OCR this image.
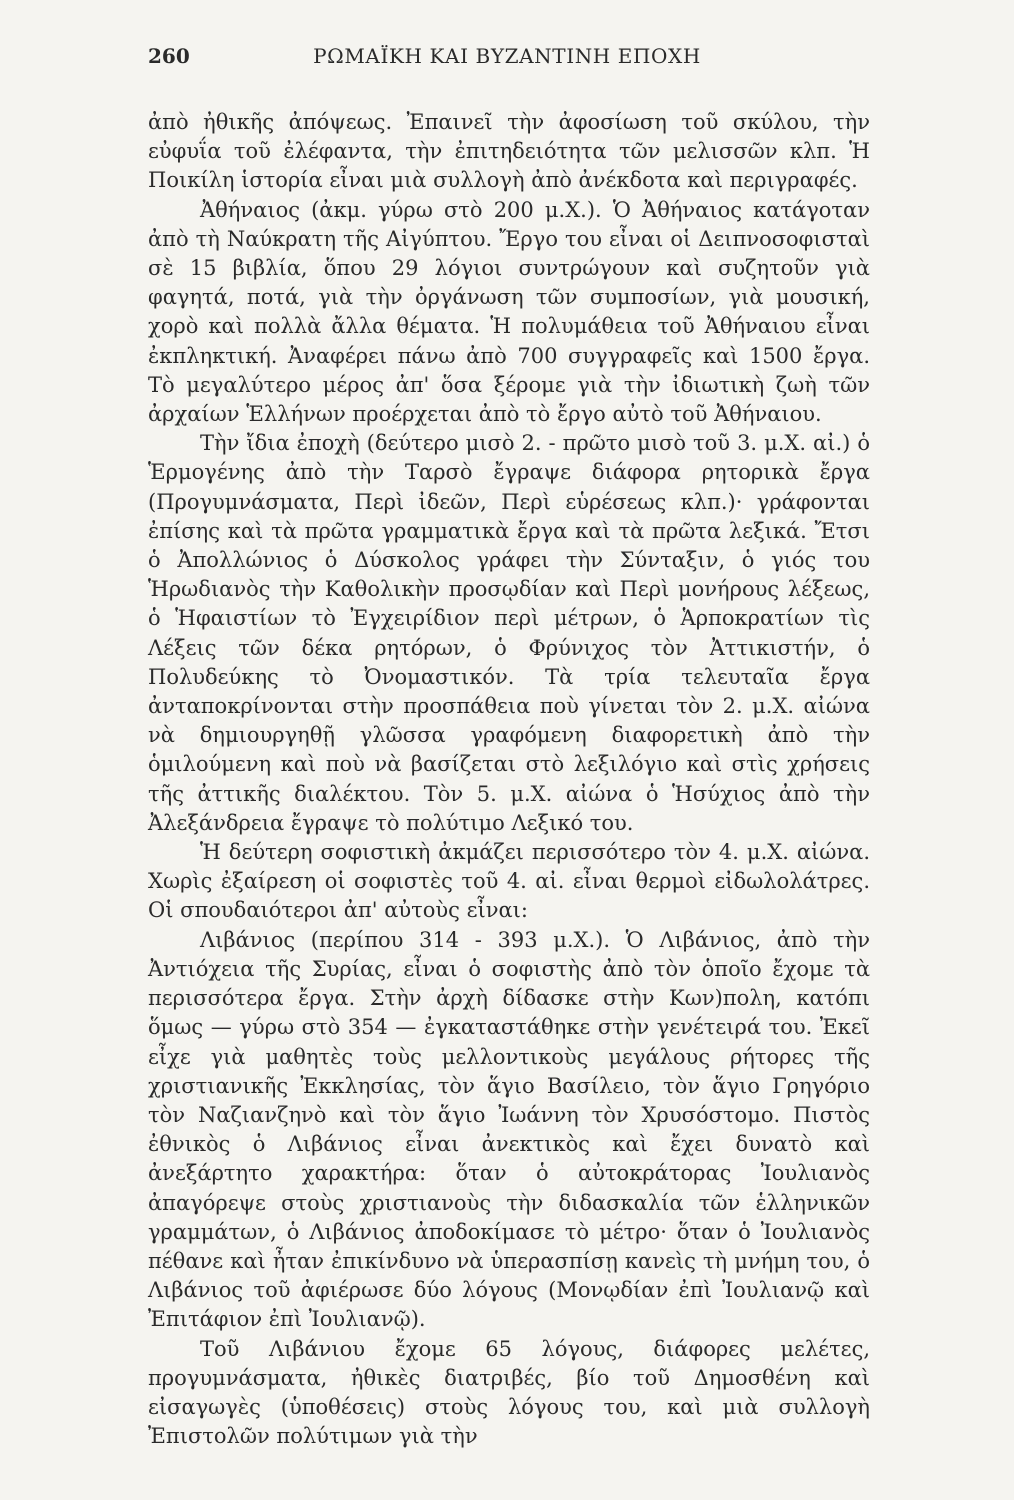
260	ΡΩΜΑΪΚΗ ΚΑΙ ΒΥΖΑΝΤΙΝΗ ΕΠΟΧΗ

ἀπὸ ἠθικῆς ἀπόψεως. Ἐπαινεῖ τὴν ἀφοσίωση τοῦ σκύλου, τὴν εὐφυΐα τοῦ ἐλέφαντα, τὴν ἐπιτηδειότητα τῶν μελισσῶν κλπ. Ἡ Ποικίλη ἱστορία εἶναι μιὰ συλλογὴ ἀπὸ ἀνέκδοτα καὶ περιγραφές.

Ἀθήναιος (ἀκμ. γύρω στὸ 200 μ.Χ.). Ὁ Ἀθήναιος κατάγοταν ἀπὸ τὴ Ναύκρατη τῆς Αἰγύπτου. Ἔργο του εἶναι οἱ Δειπνοσοφισταὶ σὲ 15 βιβλία, ὅπου 29 λόγιοι συντρώγουν καὶ συζητοῦν γιὰ φαγητά, ποτά, γιὰ τὴν ὀργάνωση τῶν συμποσίων, γιὰ μουσική, χορὸ καὶ πολλὰ ἄλλα θέματα. Ἡ πολυμάθεια τοῦ Ἀθήναιου εἶναι ἐκπληκτική. Ἀναφέρει πάνω ἀπὸ 700 συγγραφεῖς καὶ 1500 ἔργα. Τὸ μεγαλύτερο μέρος ἀπ' ὅσα ξέρομε γιὰ τὴν ἰδιωτικὴ ζωὴ τῶν ἀρχαίων Ἑλλήνων προέρχεται ἀπὸ τὸ ἔργο αὐτὸ τοῦ Ἀθήναιου.

Τὴν ἴδια ἐποχὴ (δεύτερο μισὸ 2. - πρῶτο μισὸ τοῦ 3. μ.Χ. αἰ.) ὁ Ἑρμογένης ἀπὸ τὴν Ταρσὸ ἔγραψε διάφορα ρητορικὰ ἔργα (Προγυμνάσματα, Περὶ ἰδεῶν, Περὶ εὑρέσεως κλπ.)· γράφονται ἐπίσης καὶ τὰ πρῶτα γραμματικὰ ἔργα καὶ τὰ πρῶτα λεξικά. Ἔτσι ὁ Ἀπολλώνιος ὁ Δύσκολος γράφει τὴν Σύνταξιν, ὁ γιός του Ἡρωδιανὸς τὴν Καθολικὴν προσῳδίαν καὶ Περὶ μονήρους λέξεως, ὁ Ἡφαιστίων τὸ Ἐγχειρίδιον περὶ μέτρων, ὁ Ἁρποκρατίων τὶς Λέξεις τῶν δέκα ρητόρων, ὁ Φρύνιχος τὸν Ἀττικιστήν, ὁ Πολυδεύκης τὸ Ὀνομαστικόν. Τὰ τρία τελευταῖα ἔργα ἀνταποκρίνονται στὴν προσπάθεια ποὺ γίνεται τὸν 2. μ.Χ. αἰώνα νὰ δημιουργηθῇ γλῶσσα γραφόμενη διαφορετικὴ ἀπὸ τὴν ὁμιλούμενη καὶ ποὺ νὰ βασίζεται στὸ λεξιλόγιο καὶ στὶς χρήσεις τῆς ἀττικῆς διαλέκτου. Τὸν 5. μ.Χ. αἰώνα ὁ Ἡσύχιος ἀπὸ τὴν Ἀλεξάνδρεια ἔγραψε τὸ πολύτιμο Λεξικό του.

Ἡ δεύτερη σοφιστικὴ ἀκμάζει περισσότερο τὸν 4. μ.Χ. αἰώνα. Χωρὶς ἐξαίρεση οἱ σοφιστὲς τοῦ 4. αἰ. εἶναι θερμοὶ εἰδωλολάτρες. Οἱ σπουδαιότεροι ἀπ' αὐτοὺς εἶναι:

Λιβάνιος (περίπου 314 - 393 μ.Χ.). Ὁ Λιβάνιος, ἀπὸ τὴν Ἀντιόχεια τῆς Συρίας, εἶναι ὁ σοφιστὴς ἀπὸ τὸν ὁποῖο ἔχομε τὰ περισσότερα ἔργα. Στὴν ἀρχὴ δίδασκε στὴν Κων)πολη, κατόπι ὅμως — γύρω στὸ 354 — ἐγκαταστάθηκε στὴν γενέτειρά του. Ἐκεῖ εἶχε γιὰ μαθητὲς τοὺς μελλοντικοὺς μεγάλους ρήτορες τῆς χριστιανικῆς Ἐκκλησίας, τὸν ἅγιο Βασίλειο, τὸν ἅγιο Γρηγόριο τὸν Ναζιανζηνὸ καὶ τὸν ἅγιο Ἰωάννη τὸν Χρυσόστομο. Πιστὸς ἐθνικὸς ὁ Λιβάνιος εἶναι ἀνεκτικὸς καὶ ἔχει δυνατὸ καὶ ἀνεξάρτητο χαρακτήρα: ὅταν ὁ αὐτοκράτορας Ἰουλιανὸς ἀπαγόρεψε στοὺς χριστιανοὺς τὴν διδασκαλία τῶν ἑλληνικῶν γραμμάτων, ὁ Λιβάνιος ἀποδοκίμασε τὸ μέτρο· ὅταν ὁ Ἰουλιανὸς πέθανε καὶ ἦταν ἐπικίνδυνο νὰ ὑπερασπίσῃ κανεὶς τὴ μνήμη του, ὁ Λιβάνιος τοῦ ἀφιέρωσε δύο λόγους (Μονῳδίαν ἐπὶ Ἰουλιανῷ καὶ Ἐπιτάφιον ἐπὶ Ἰουλιανῷ).

Τοῦ Λιβάνιου ἔχομε 65 λόγους, διάφορες μελέτες, προγυμνάσματα, ἠθικὲς διατριβές, βίο τοῦ Δημοσθένη καὶ εἰσαγωγὲς (ὑποθέσεις) στοὺς λόγους του, καὶ μιὰ συλλογὴ Ἐπιστολῶν πολύτιμων γιὰ τὴν
